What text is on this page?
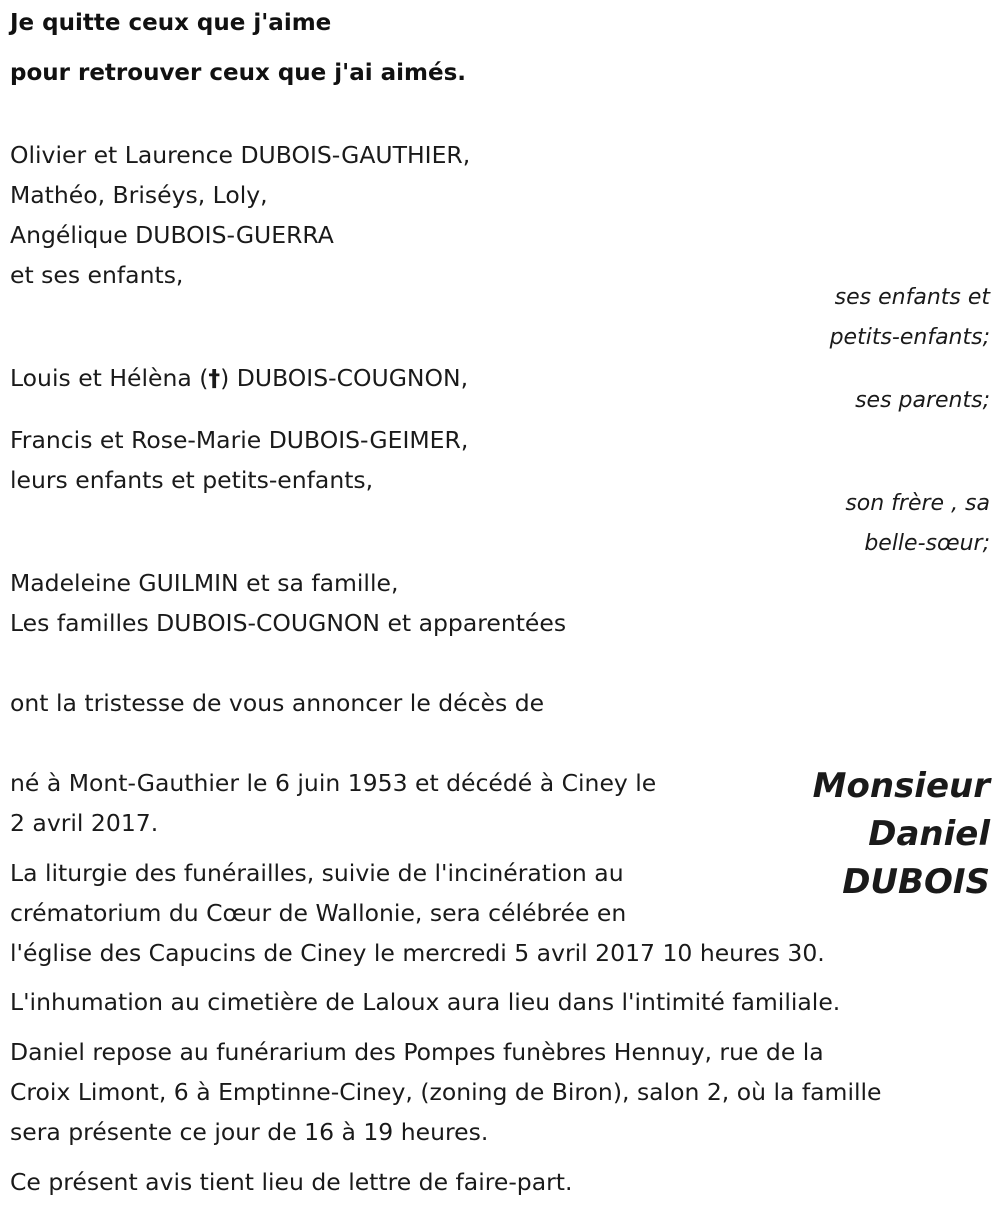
Je quitte ceux que j'aime
pour retrouver ceux que j'ai aimés.
Olivier et Laurence DUBOIS-GAUTHIER,
Mathéo, Briséys, Loly,
Angélique DUBOIS-GUERRA
et ses enfants,
ses enfants et
petits-enfants;
Louis et Hélèna (†) DUBOIS-COUGNON,
ses parents;
Francis et Rose-Marie DUBOIS-GEIMER,
leurs enfants et petits-enfants,
son frère , sa
belle-sœur;
Madeleine GUILMIN et sa famille,
Les familles DUBOIS-COUGNON et apparentées
ont la tristesse de vous annoncer le décès de
Monsieur
Daniel
DUBOIS
né à Mont-Gauthier le 6 juin 1953 et décédé à Ciney le
2 avril 2017.
La liturgie des funérailles, suivie de l'incinération au
crématorium du Cœur de Wallonie, sera célébrée en
l'église des Capucins de Ciney le mercredi 5 avril 2017 10 heures 30.
L'inhumation au cimetière de Laloux aura lieu dans l'intimité familiale.
Daniel repose au funérarium des Pompes funèbres Hennuy, rue de la
Croix Limont, 6 à Emptinne-Ciney, (zoning de Biron), salon 2, où la famille
sera présente ce jour de 16 à 19 heures.
Ce présent avis tient lieu de lettre de faire-part.
